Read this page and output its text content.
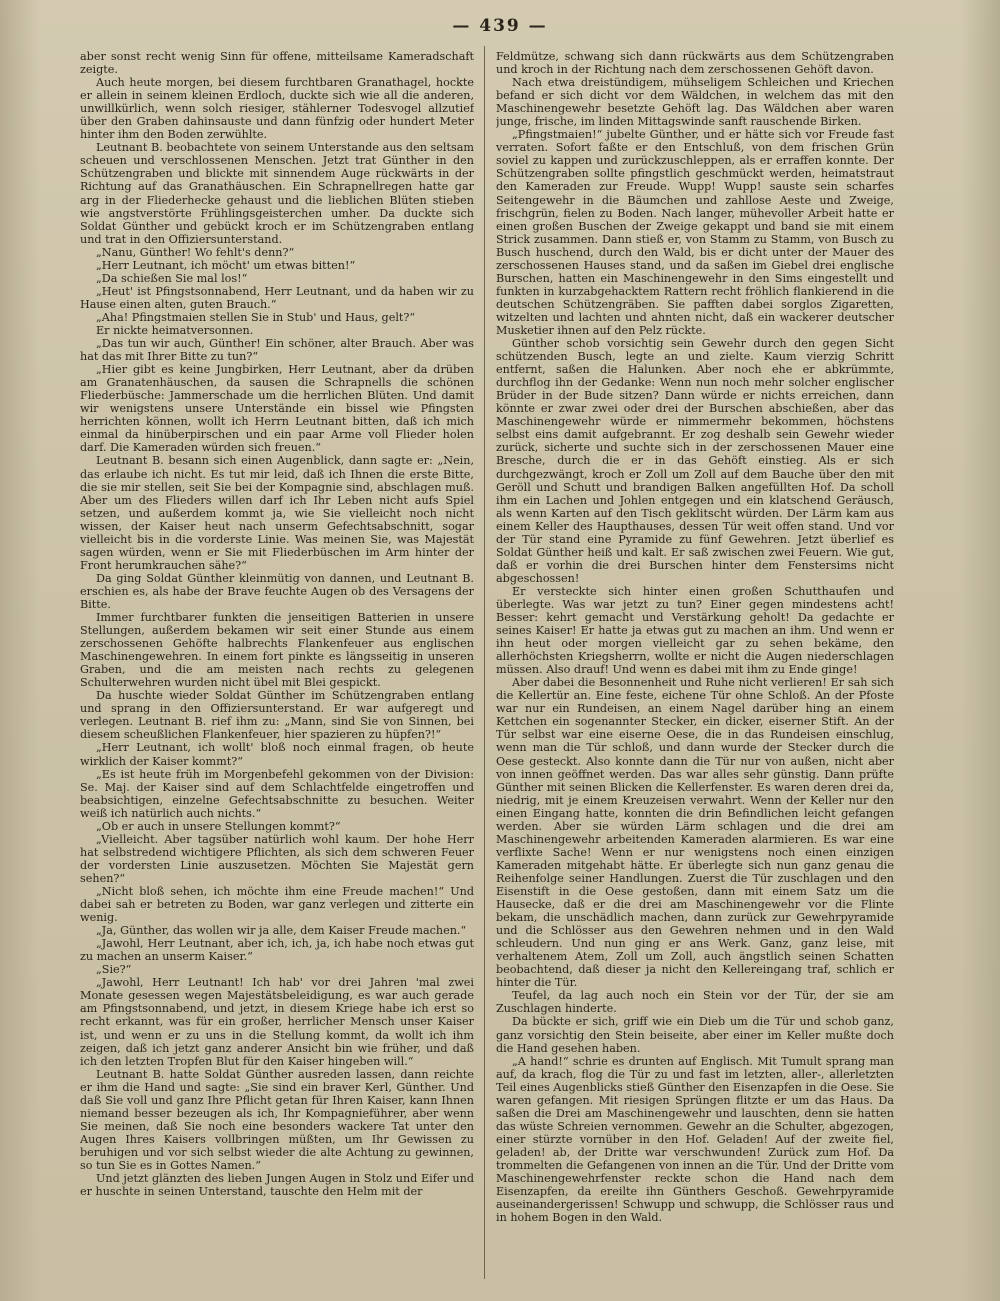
— 439 —

aber sonst recht wenig Sinn für offene, mitteilsame Kameradschaft zeigte.

Auch heute morgen, bei diesem furchtbaren Granathagel, hockte er allein in seinem kleinen Erdloch, duckte sich wie all die anderen, unwillkürlich, wenn solch riesiger, stählerner Todesvogel allzutief über den Graben dahinsauste und dann fünfzig oder hundert Meter hinter ihm den Boden zerwühlte.

Leutnant B. beobachtete von seinem Unterstande aus den seltsam scheuen und verschlossenen Menschen. Jetzt trat Günther in den Schützengraben und blickte mit sinnendem Auge rückwärts in der Richtung auf das Granathäuschen. Ein Schrapnellregen hatte gar arg in der Fliederhecke gehaust und die lieblichen Blüten stieben wie angstverstörte Frühlingsgeisterchen umher. Da duckte sich Soldat Günther und gebückt kroch er im Schützengraben entlang und trat in den Offiziersunterstand.

„Nanu, Günther! Wo fehlt's denn?“

„Herr Leutnant, ich möcht' um etwas bitten!“

„Da schießen Sie mal los!“

„Heut' ist Pfingstsonnabend, Herr Leutnant, und da haben wir zu Hause einen alten, guten Brauch.“

„Aha! Pfingstmaien stellen Sie in Stub' und Haus, gelt?“

Er nickte heimatversonnen.

„Das tun wir auch, Günther! Ein schöner, alter Brauch. Aber was hat das mit Ihrer Bitte zu tun?“

„Hier gibt es keine Jungbirken, Herr Leutnant, aber da drüben am Granatenhäuschen, da sausen die Schrapnells die schönen Fliederbüsche: Jammerschade um die herrlichen Blüten. Und damit wir wenigstens unsere Unterstände ein bissel wie Pfingsten herrichten können, wollt ich Herrn Leutnant bitten, daß ich mich einmal da hinüberpirschen und ein paar Arme voll Flieder holen darf. Die Kameraden würden sich freuen.“

Leutnant B. besann sich einen Augenblick, dann sagte er: „Nein, das erlaube ich nicht. Es tut mir leid, daß ich Ihnen die erste Bitte, die sie mir stellen, seit Sie bei der Kompagnie sind, abschlagen muß. Aber um des Flieders willen darf ich Ihr Leben nicht aufs Spiel setzen, und außerdem kommt ja, wie Sie vielleicht noch nicht wissen, der Kaiser heut nach unserm Gefechtsabschnitt, sogar vielleicht bis in die vorderste Linie. Was meinen Sie, was Majestät sagen würden, wenn er Sie mit Fliederbüschen im Arm hinter der Front herumkrauchen sähe?“

Da ging Soldat Günther kleinmütig von dannen, und Leutnant B. erschien es, als habe der Brave feuchte Augen ob des Versagens der Bitte.

Immer furchtbarer funkten die jenseitigen Batterien in unsere Stellungen, außerdem bekamen wir seit einer Stunde aus einem zerschossenen Gehöfte halbrechts Flankenfeuer aus englischen Maschinengewehren. In einem fort pinkte es längsseitig in unseren Graben, und die am meisten nach rechts zu gelegenen Schulterwehren wurden nicht übel mit Blei gespickt.

Da huschte wieder Soldat Günther im Schützengraben entlang und sprang in den Offiziersunterstand. Er war aufgeregt und verlegen. Leutnant B. rief ihm zu: „Mann, sind Sie von Sinnen, bei diesem scheußlichen Flankenfeuer, hier spazieren zu hüpfen?!“

„Herr Leutnant, ich wollt' bloß noch einmal fragen, ob heute wirklich der Kaiser kommt?“

„Es ist heute früh im Morgenbefehl gekommen von der Division: Se. Maj. der Kaiser sind auf dem Schlachtfelde eingetroffen und beabsichtigen, einzelne Gefechtsabschnitte zu besuchen. Weiter weiß ich natürlich auch nichts.“

„Ob er auch in unsere Stellungen kommt?“

„Vielleicht. Aber tagsüber natürlich wohl kaum. Der hohe Herr hat selbstredend wichtigere Pflichten, als sich dem schweren Feuer der vordersten Linie auszusetzen. Möchten Sie Majestät gern sehen?“

„Nicht bloß sehen, ich möchte ihm eine Freude machen!“ Und dabei sah er betreten zu Boden, war ganz verlegen und zitterte ein wenig.

„Ja, Günther, das wollen wir ja alle, dem Kaiser Freude machen.“

„Jawohl, Herr Leutnant, aber ich, ich, ja, ich habe noch etwas gut zu machen an unserm Kaiser.“

„Sie?“

„Jawohl, Herr Leutnant! Ich hab' vor drei Jahren 'mal zwei Monate gesessen wegen Majestätsbeleidigung, es war auch gerade am Pfingstsonnabend, und jetzt, in diesem Kriege habe ich erst so recht erkannt, was für ein großer, herrlicher Mensch unser Kaiser ist, und wenn er zu uns in die Stellung kommt, da wollt ich ihm zeigen, daß ich jetzt ganz anderer Ansicht bin wie früher, und daß ich den letzten Tropfen Blut für den Kaiser hingeben will.“

Leutnant B. hatte Soldat Günther ausreden lassen, dann reichte er ihm die Hand und sagte: „Sie sind ein braver Kerl, Günther. Und daß Sie voll und ganz Ihre Pflicht getan für Ihren Kaiser, kann Ihnen niemand besser bezeugen als ich, Ihr Kompagnieführer, aber wenn Sie meinen, daß Sie noch eine besonders wackere Tat unter den Augen Ihres Kaisers vollbringen müßten, um Ihr Gewissen zu beruhigen und vor sich selbst wieder die alte Achtung zu gewinnen, so tun Sie es in Gottes Namen.“

Und jetzt glänzten des lieben Jungen Augen in Stolz und Eifer und er huschte in seinen Unterstand, tauschte den Helm mit der

Feldmütze, schwang sich dann rückwärts aus dem Schützengraben und kroch in der Richtung nach dem zerschossenen Gehöft davon.

Nach etwa dreistündigem, mühseligem Schleichen und Kriechen befand er sich dicht vor dem Wäldchen, in welchem das mit den Maschinengewehr besetzte Gehöft lag. Das Wäldchen aber waren junge, frische, im linden Mittagswinde sanft rauschende Birken.

„Pfingstmaien!“ jubelte Günther, und er hätte sich vor Freude fast verraten. Sofort faßte er den Entschluß, von dem frischen Grün soviel zu kappen und zurückzuschleppen, als er erraffen konnte. Der Schützengraben sollte pfingstlich geschmückt werden, heimatstraut den Kameraden zur Freude. Wupp! Wupp! sauste sein scharfes Seitengewehr in die Bäumchen und zahllose Aeste und Zweige, frischgrün, fielen zu Boden. Nach langer, mühevoller Arbeit hatte er einen großen Buschen der Zweige gekappt und band sie mit einem Strick zusammen. Dann stieß er, von Stamm zu Stamm, von Busch zu Busch huschend, durch den Wald, bis er dicht unter der Mauer des zerschossenen Hauses stand, und da saßen im Giebel drei englische Burschen, hatten ein Maschinengewehr in den Sims eingestellt und funkten in kurzabgehacktem Rattern recht fröhlich flankierend in die deutschen Schützengräben. Sie pafften dabei sorglos Zigaretten, witzelten und lachten und ahnten nicht, daß ein wackerer deutscher Musketier ihnen auf den Pelz rückte.

Günther schob vorsichtig sein Gewehr durch den gegen Sicht schützenden Busch, legte an und zielte. Kaum vierzig Schritt entfernt, saßen die Halunken. Aber noch ehe er abkrümmte, durchflog ihn der Gedanke: Wenn nun noch mehr solcher englischer Brüder in der Bude sitzen? Dann würde er nichts erreichen, dann könnte er zwar zwei oder drei der Burschen abschießen, aber das Maschinengewehr würde er nimmermehr bekommen, höchstens selbst eins damit aufgebrannt. Er zog deshalb sein Gewehr wieder zurück, sicherte und suchte sich in der zerschossenen Mauer eine Bresche, durch die er in das Gehöft einstieg. Als er sich durchgezwängt, kroch er Zoll um Zoll auf dem Bauche über den mit Geröll und Schutt und brandigen Balken angefüllten Hof. Da scholl ihm ein Lachen und Johlen entgegen und ein klatschend Geräusch, als wenn Karten auf den Tisch geklitscht würden. Der Lärm kam aus einem Keller des Haupthauses, dessen Tür weit offen stand. Und vor der Tür stand eine Pyramide zu fünf Gewehren. Jetzt überlief es Soldat Günther heiß und kalt. Er saß zwischen zwei Feuern. Wie gut, daß er vorhin die drei Burschen hinter dem Fenstersims nicht abgeschossen!

Er versteckte sich hinter einen großen Schutthaufen und überlegte. Was war jetzt zu tun? Einer gegen mindestens acht! Besser: kehrt gemacht und Verstärkung geholt! Da gedachte er seines Kaiser! Er hatte ja etwas gut zu machen an ihm. Und wenn er ihn heut oder morgen vielleicht gar zu sehen bekäme, den allerhöchsten Kriegsherrn, wollte er nicht die Augen niederschlagen müssen. Also drauf! Und wenn es dabei mit ihm zu Ende ginge!

Aber dabei die Besonnenheit und Ruhe nicht verlieren! Er sah sich die Kellertür an. Eine feste, eichene Tür ohne Schloß. An der Pfoste war nur ein Rundeisen, an einem Nagel darüber hing an einem Kettchen ein sogenannter Stecker, ein dicker, eiserner Stift. An der Tür selbst war eine eiserne Oese, die in das Rundeisen einschlug, wenn man die Tür schloß, und dann wurde der Stecker durch die Oese gesteckt. Also konnte dann die Tür nur von außen, nicht aber von innen geöffnet werden. Das war alles sehr günstig. Dann prüfte Günther mit seinen Blicken die Kellerfenster. Es waren deren drei da, niedrig, mit je einem Kreuzeisen verwahrt. Wenn der Keller nur den einen Eingang hatte, konnten die drin Befindlichen leicht gefangen werden. Aber sie würden Lärm schlagen und die drei am Maschinengewehr arbeitenden Kameraden alarmieren. Es war eine verflixte Sache! Wenn er nur wenigstens noch einen einzigen Kameraden mitgehabt hätte. Er überlegte sich nun ganz genau die Reihenfolge seiner Handlungen. Zuerst die Tür zuschlagen und den Eisenstift in die Oese gestoßen, dann mit einem Satz um die Hausecke, daß er die drei am Maschinengewehr vor die Flinte bekam, die unschädlich machen, dann zurück zur Gewehrpyramide und die Schlösser aus den Gewehren nehmen und in den Wald schleudern. Und nun ging er ans Werk. Ganz, ganz leise, mit verhaltenem Atem, Zoll um Zoll, auch ängstlich seinen Schatten beobachtend, daß dieser ja nicht den Kellereingang traf, schlich er hinter die Tür.

Teufel, da lag auch noch ein Stein vor der Tür, der sie am Zuschlagen hinderte.

Da bückte er sich, griff wie ein Dieb um die Tür und schob ganz, ganz vorsichtig den Stein beiseite, aber einer im Keller mußte doch die Hand gesehen haben.

„A hand!“ schrie es drunten auf Englisch. Mit Tumult sprang man auf, da krach, flog die Tür zu und fast im letzten, aller-, allerletzten Teil eines Augenblicks stieß Günther den Eisenzapfen in die Oese. Sie waren gefangen. Mit riesigen Sprüngen flitzte er um das Haus. Da saßen die Drei am Maschinengewehr und lauschten, denn sie hatten das wüste Schreien vernommen. Gewehr an die Schulter, abgezogen, einer stürzte vornüber in den Hof. Geladen! Auf der zweite fiel, geladen! ab, der Dritte war verschwunden! Zurück zum Hof. Da trommelten die Gefangenen von innen an die Tür. Und der Dritte vom Maschinengewehrfenster reckte schon die Hand nach dem Eisenzapfen, da ereilte ihn Günthers Geschoß. Gewehrpyramide auseinandergerissen! Schwupp und schwupp, die Schlösser raus und in hohem Bogen in den Wald.
